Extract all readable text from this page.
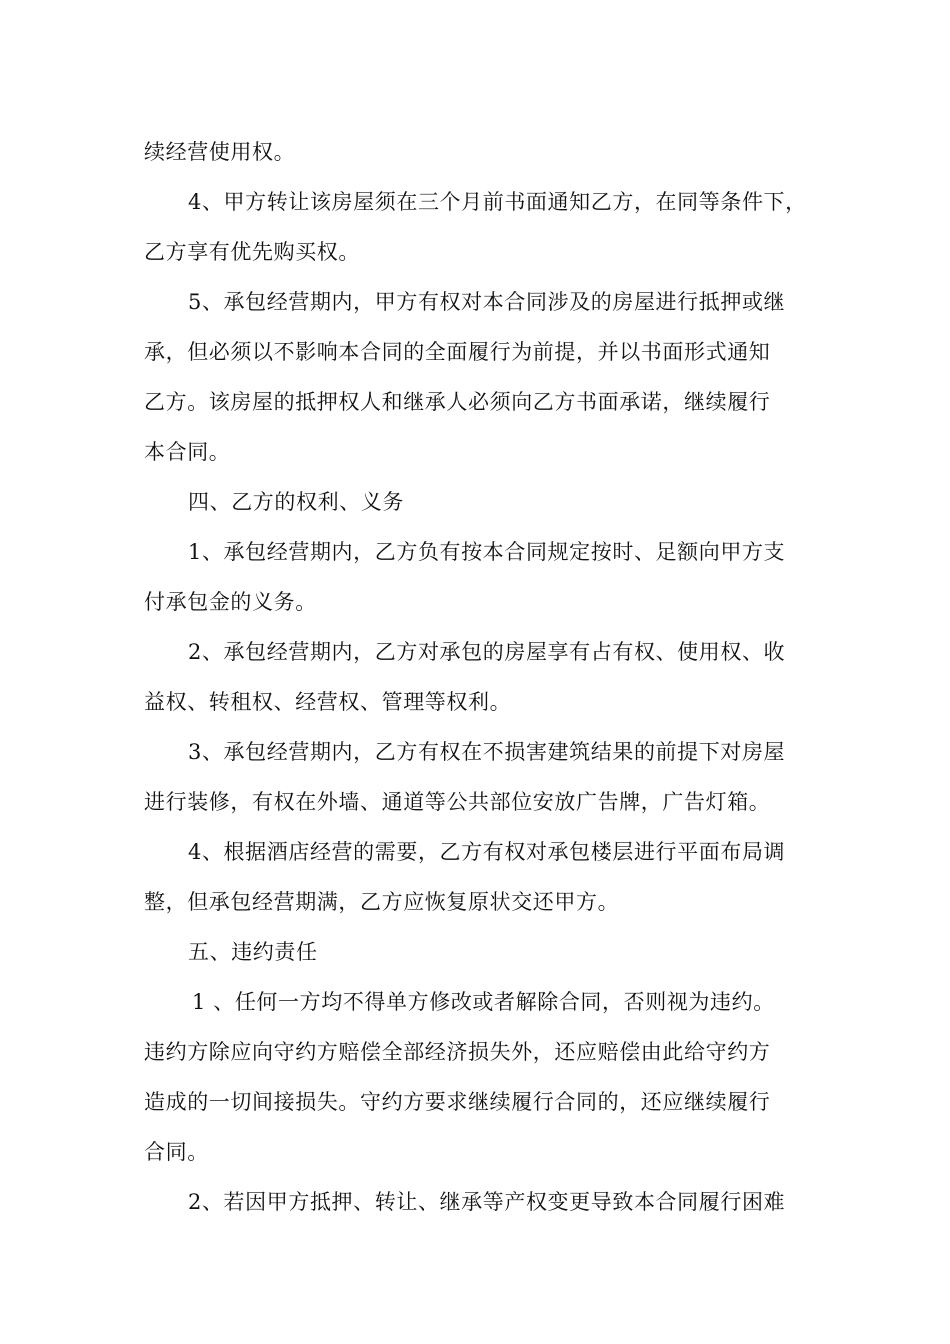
续经营使用权。
4、甲方转让该房屋须在三个月前书面通知乙方，在同等条件下，
乙方享有优先购买权。
5、承包经营期内，甲方有权对本合同涉及的房屋进行抵押或继
承，但必须以不影响本合同的全面履行为前提，并以书面形式通知
乙方。该房屋的抵押权人和继承人必须向乙方书面承诺，继续履行
本合同。
四、乙方的权利、义务
1、承包经营期内，乙方负有按本合同规定按时、足额向甲方支
付承包金的义务。
2、承包经营期内，乙方对承包的房屋享有占有权、使用权、收
益权、转租权、经营权、管理等权利。
3、承包经营期内，乙方有权在不损害建筑结果的前提下对房屋
进行装修，有权在外墙、通道等公共部位安放广告牌，广告灯箱。
4、根据酒店经营的需要，乙方有权对承包楼层进行平面布局调
整，但承包经营期满，乙方应恢复原状交还甲方。
五、违约责任
1 、任何一方均不得单方修改或者解除合同，否则视为违约。
违约方除应向守约方赔偿全部经济损失外，还应赔偿由此给守约方
造成的一切间接损失。守约方要求继续履行合同的，还应继续履行
合同。
2、若因甲方抵押、转让、继承等产权变更导致本合同履行困难
